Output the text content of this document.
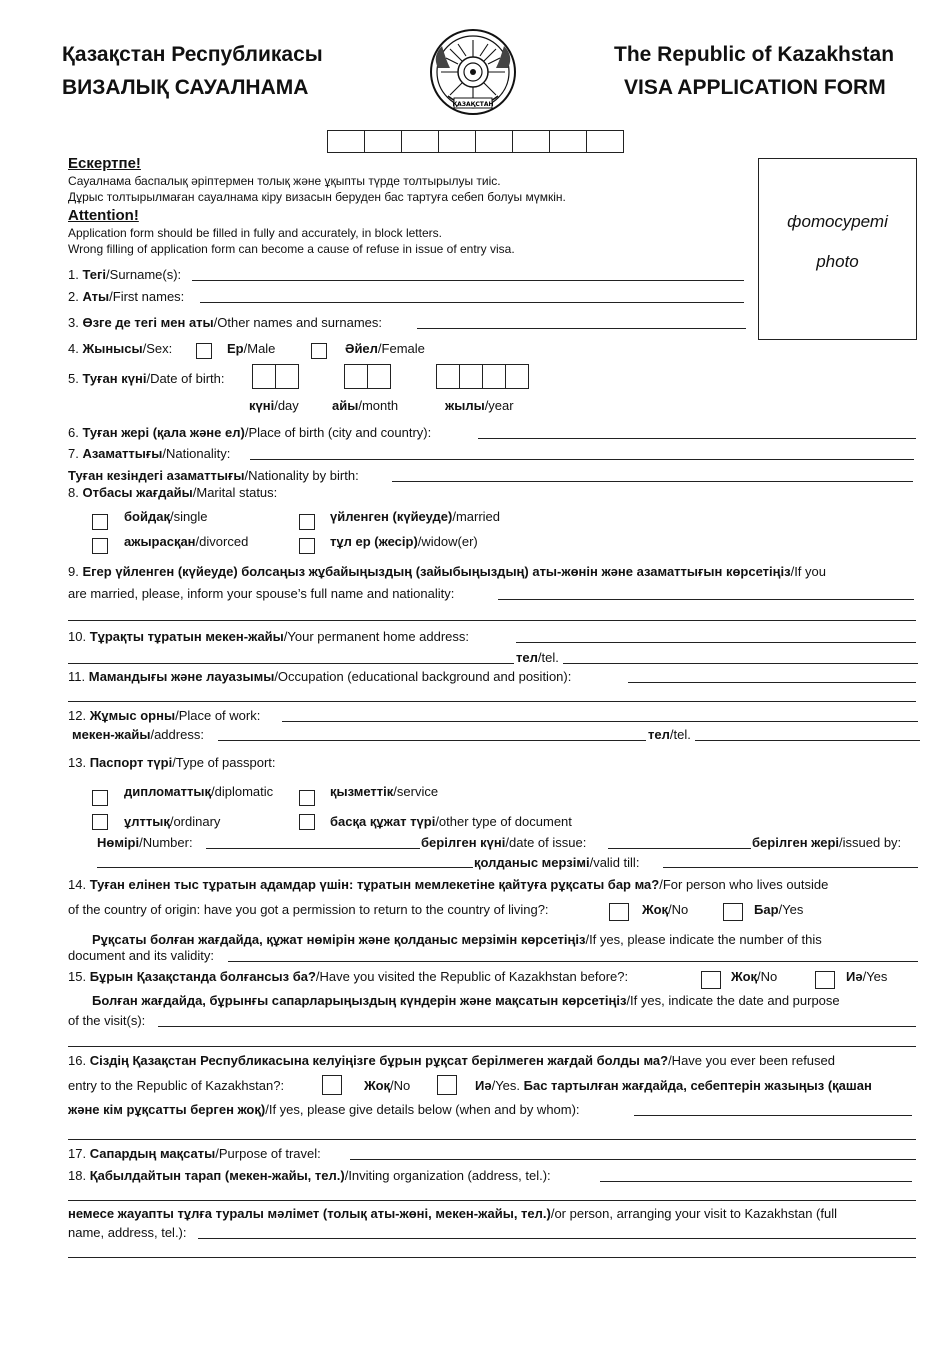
Қазақстан Республикасы
ВИЗАЛЫҚ САУАЛНАМА
The Republic of Kazakhstan
VISA APPLICATION FORM
ҚАЗАҚСТАН
фотосуреті
photo
Ескертпе!
Сауалнама баспалық әріптермен толық және ұқыпты түрде толтырылуы тиіс.
Дұрыс толтырылмаған сауалнама кіру визасын беруден бас тартуға себеп болуы мүмкін.
Attention!
Application form should be filled in fully and accurately, in block letters.
Wrong filling of application form can become a cause of refuse in issue of entry visa.
1. Тегі/Surname(s):
2. Аты/First names:
3. Өзге де тегі мен аты/Other names and surnames:
4. Жынысы/Sex:	Ер/Male	Әйел/Female
5. Туған күні/Date of birth:
күні/day	айы/month	жылы/year
6. Туған жері (қала және ел)/Place of birth (city and country):
7. Азаматтығы/Nationality:
Туған кезіндегі азаматтығы/Nationality by birth:
8. Отбасы жағдайы/Marital status:
бойдақ/single	үйленген (күйеуде)/married
ажырасқан/divorced	тұл ер (жесір)/widow(er)
9. Егер үйленген (күйеуде) болсаңыз жұбайыңыздың (зайыбыңыздың) аты-жөнін және азаматтығын көрсетіңіз/If you
are married, please, inform your spouse’s full name and nationality:
10. Тұрақты тұратын мекен-жайы/Your permanent home address:
тел/tel.
11. Мамандығы және лауазымы/Occupation (educational background and position):
12. Жұмыс орны/Place of work:
мекен-жайы/address:	тел/tel.
13. Паспорт түрі/Type of passport:
дипломаттық/diplomatic	қызметтік/service
ұлттық/ordinary	басқа құжат түрі/other type of document
Нөмірі/Number:	берілген күні/date of issue:	берілген жері/issued by:
қолданыс мерзімі/valid till:
14. Туған елінен тыс тұратын адамдар үшін: тұратын мемлекетіне қайтуға рұқсаты бар ма?/For person who lives outside
of the country of origin: have you got a permission to return to the country of living?:	Жоқ/No	Бар/Yes
Рұқсаты болған жағдайда, құжат нөмірін және қолданыс мерзімін көрсетіңіз/If yes, please indicate the number of this
document and its validity:
15. Бұрын Қазақстанда болғансыз ба?/Have you visited the Republic of Kazakhstan before?:	Жоқ/No	Иә/Yes
Болған жағдайда, бұрынғы сапарларыңыздың күндерін және мақсатын көрсетіңіз/If yes, indicate the date and purpose
of the visit(s):
16. Сіздің Қазақстан Республикасына келуіңізге бұрын рұқсат берілмеген жағдай болды ма?/Have you ever been refused
entry to the Republic of Kazakhstan?:	Жоқ/No	Иә/Yes. Бас тартылған жағдайда, себептерін жазыңыз (қашан
және кім рұқсатты берген жоқ)/If yes, please give details below (when and by whom):
17. Сапардың мақсаты/Purpose of travel:
18. Қабылдайтын тарап (мекен-жайы, тел.)/Inviting organization (address, tel.):
немесе жауапты тұлға туралы мәлімет (толық аты-жөні, мекен-жайы, тел.)/or person, arranging your visit to Kazakhstan (full
name, address, tel.):
